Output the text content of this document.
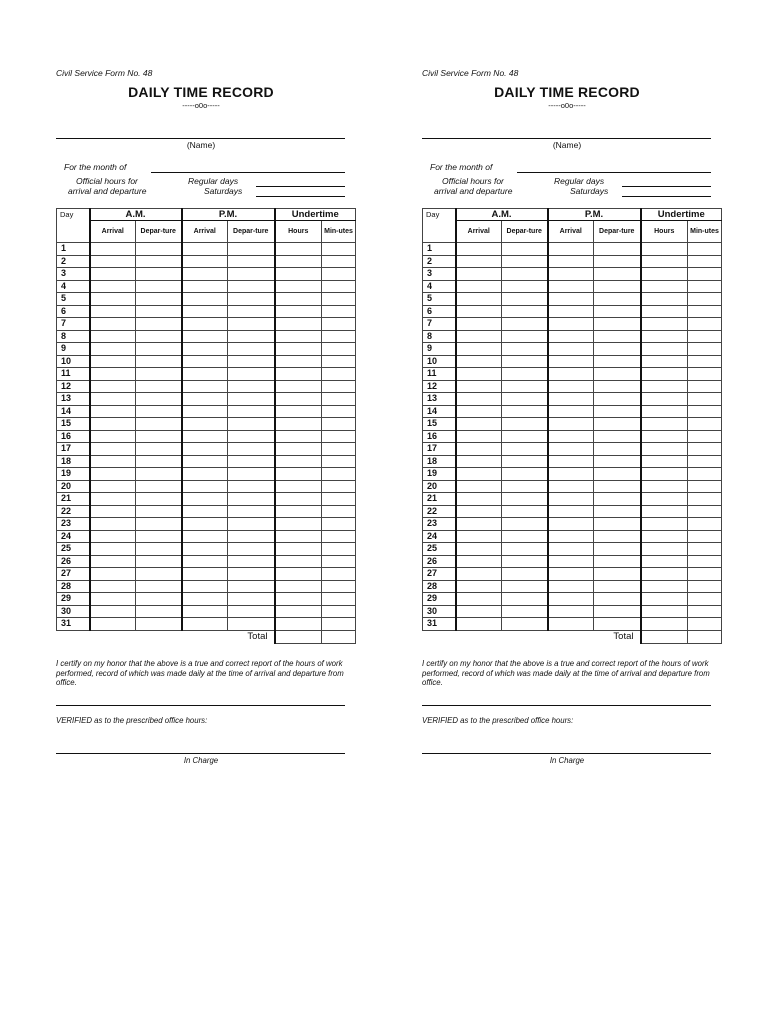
Civil Service Form No. 48
DAILY TIME RECORD
-----o0o-----
(Name)
For the month of
Official hours for
arrival and departure
Regular days
Saturdays
Day	A.M.		P.M.		Undertime	
	Arrival	Depar-ture	Arrival	Depar-ture	Hours	Min-utes
1						
2						
3						
4						
5						
6						
7						
8						
9						
10						
11						
12						
13						
14						
15						
16						
17						
18						
19						
20						
21						
22						
23						
24						
25						
26						
27						
28						
29						
30						
31						
	Total					
I certify on my honor that the above is a true and correct report of the hours of work performed, record of which was made daily at the time of arrival and departure from office.
VERIFIED as to the prescribed office hours:
In Charge
Civil Service Form No. 48
DAILY TIME RECORD
-----o0o-----
(Name)
For the month of
Official hours for
arrival and departure
Regular days
Saturdays
Day	A.M.		P.M.		Undertime	
	Arrival	Depar-ture	Arrival	Depar-ture	Hours	Min-utes
1						
2						
3						
4						
5						
6						
7						
8						
9						
10						
11						
12						
13						
14						
15						
16						
17						
18						
19						
20						
21						
22						
23						
24						
25						
26						
27						
28						
29						
30						
31						
	Total					
I certify on my honor that the above is a true and correct report of the hours of work performed, record of which was made daily at the time of arrival and departure from office.
VERIFIED as to the prescribed office hours:
In Charge
